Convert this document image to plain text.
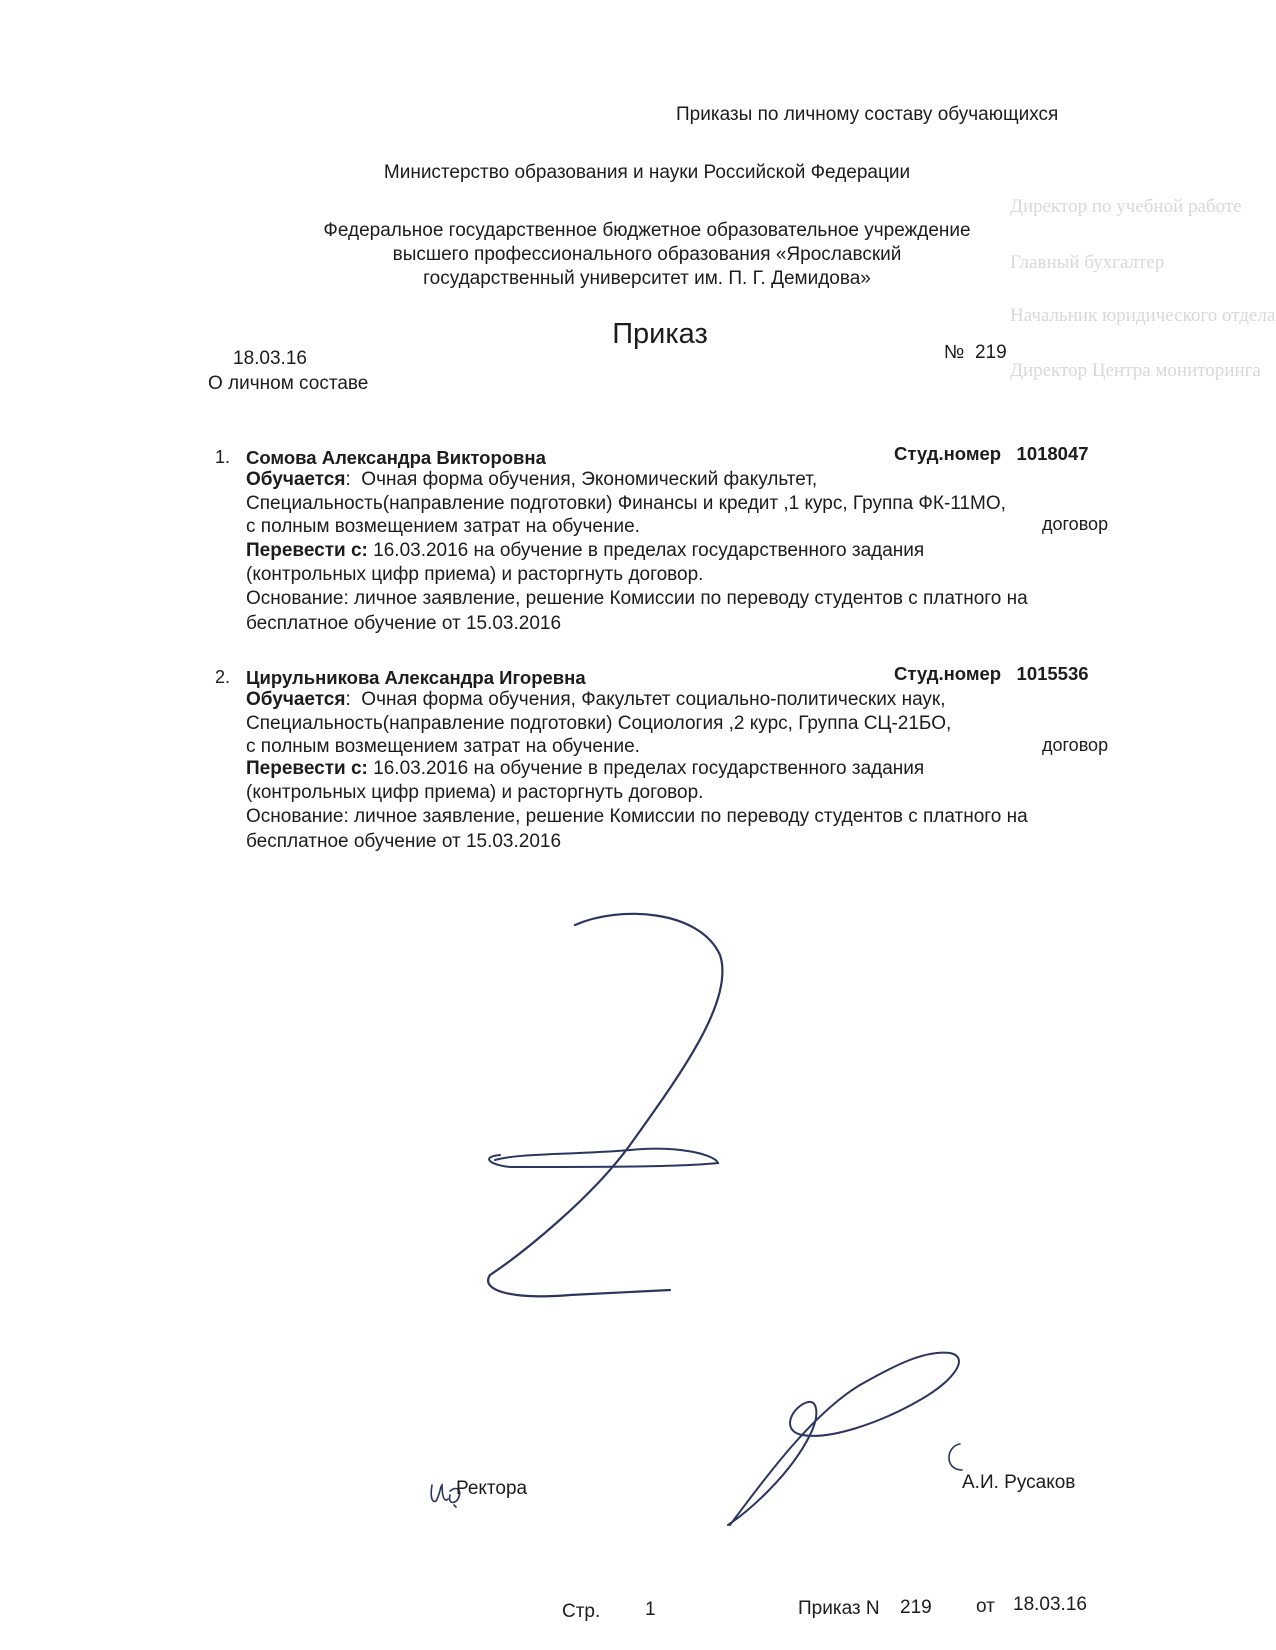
Директор по учебной работе
Главный бухгалтер
Начальник юридического отдела
Директор Центра мониторинга
Приказы по личному составу обучающихся
Министерство образования и науки Российской Федерации
Федеральное государственное бюджетное образовательное учреждение
высшего профессионального образования «Ярославский
государственный университет им. П. Г. Демидова»
Приказ
18.03.16	№ 219
О личном составе
1. Сомова Александра Викторовна	Студ.номер 1018047
Обучается:  Очная форма обучения, Экономический факультет,
Специальность(направление подготовки) Финансы и кредит ,1 курс, Группа ФК-11МО,
с полным возмещением затрат на обучение.	договор
Перевести с: 16.03.2016 на обучение в пределах государственного задания
(контрольных цифр приема) и расторгнуть договор.
Основание: личное заявление, решение Комиссии по переводу студентов с платного на
бесплатное обучение от 15.03.2016
2. Цирульникова Александра Игоревна	Студ.номер 1015536
Обучается:  Очная форма обучения, Факультет социально-политических наук,
Специальность(направление подготовки) Социология ,2 курс, Группа СЦ-21БО,
с полным возмещением затрат на обучение.	договор
Перевести с: 16.03.2016 на обучение в пределах государственного задания
(контрольных цифр приема) и расторгнуть договор.
Основание: личное заявление, решение Комиссии по переводу студентов с платного на
бесплатное обучение от 15.03.2016
Ректора	А.И. Русаков
Стр. 1	Приказ N 219 от 18.03.16
